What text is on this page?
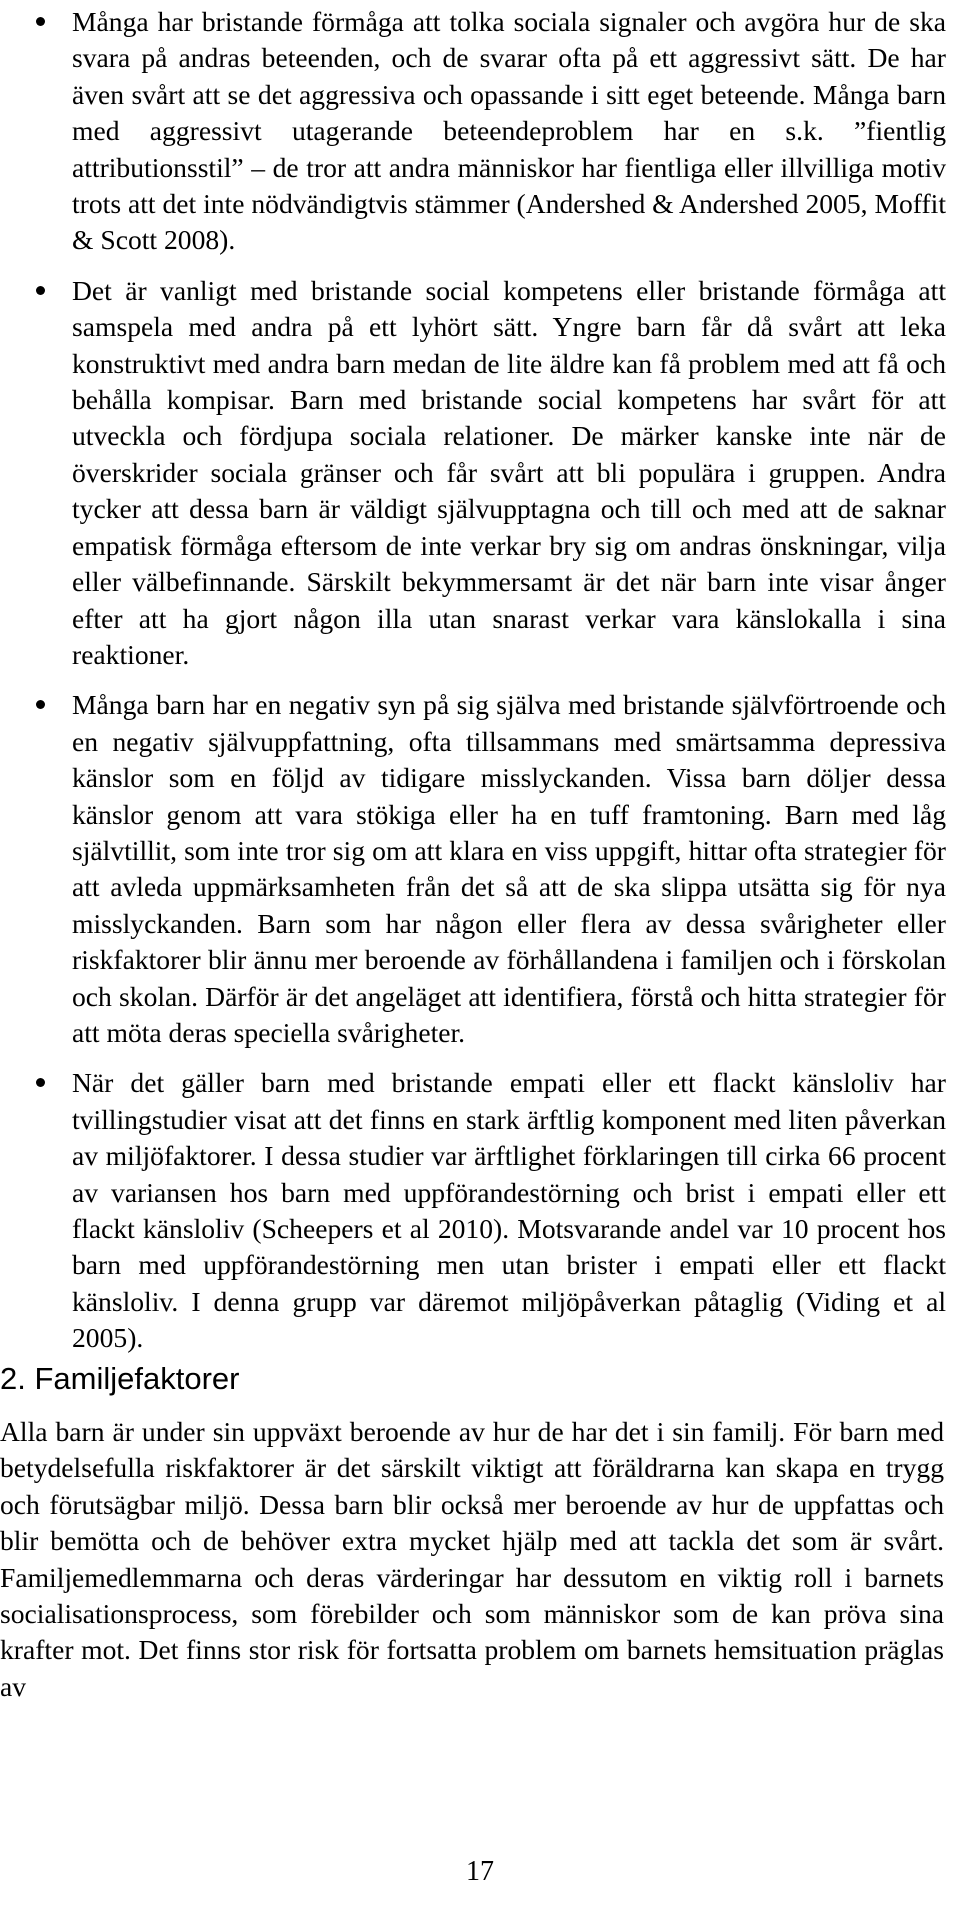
Många har bristande förmåga att tolka sociala signaler och avgöra hur de ska svara på andras beteenden, och de svarar ofta på ett aggressivt sätt. De har även svårt att se det aggressiva och opassande i sitt eget beteende. Många barn med aggressivt utagerande beteendeproblem har en s.k. ”fientlig attributionsstil” – de tror att andra människor har fientliga eller illvilliga motiv trots att det inte nödvändigtvis stämmer (Andershed & Andershed 2005, Moffit & Scott 2008).
Det är vanligt med bristande social kompetens eller bristande förmåga att samspela med andra på ett lyhört sätt. Yngre barn får då svårt att leka konstruktivt med andra barn medan de lite äldre kan få problem med att få och behålla kompisar. Barn med bristande social kompetens har svårt för att utveckla och fördjupa sociala relationer. De märker kanske inte när de överskrider sociala gränser och får svårt att bli populära i gruppen. Andra tycker att dessa barn är väldigt självupptagna och till och med att de saknar empatisk förmåga eftersom de inte verkar bry sig om andras önskningar, vilja eller välbefinnande. Särskilt bekymmersamt är det när barn inte visar ånger efter att ha gjort någon illa utan snarast verkar vara känslokalla i sina reaktioner.
Många barn har en negativ syn på sig själva med bristande självförtroende och en negativ självuppfattning, ofta tillsammans med smärtsamma depressiva känslor som en följd av tidigare misslyckanden. Vissa barn döljer dessa känslor genom att vara stökiga eller ha en tuff framtoning. Barn med låg självtillit, som inte tror sig om att klara en viss uppgift, hittar ofta strategier för att avleda uppmärksamheten från det så att de ska slippa utsätta sig för nya misslyckanden. Barn som har någon eller flera av dessa svårigheter eller riskfaktorer blir ännu mer beroende av förhållandena i familjen och i förskolan och skolan. Därför är det angeläget att identifiera, förstå och hitta strategier för att möta deras speciella svårigheter.
När det gäller barn med bristande empati eller ett flackt känsloliv har tvillingstudier visat att det finns en stark ärftlig komponent med liten påverkan av miljöfaktorer. I dessa studier var ärftlighet förklaringen till cirka 66 procent av variansen hos barn med uppförandestörning och brist i empati eller ett flackt känsloliv (Scheepers et al 2010). Motsvarande andel var 10 procent hos barn med uppförandestörning men utan brister i empati eller ett flackt känsloliv. I denna grupp var däremot miljöpåverkan påtaglig (Viding et al 2005).
2. Familjefaktorer

Alla barn är under sin uppväxt beroende av hur de har det i sin familj. För barn med betydelsefulla riskfaktorer är det särskilt viktigt att föräldrarna kan skapa en trygg och förutsägbar miljö. Dessa barn blir också mer beroende av hur de uppfattas och blir bemötta och de behöver extra mycket hjälp med att tackla det som är svårt. Familjemedlemmarna och deras värderingar har dessutom en viktig roll i barnets socialisationsprocess, som förebilder och som människor som de kan pröva sina krafter mot. Det finns stor risk för fortsatta problem om barnets hemsituation präglas av

17
